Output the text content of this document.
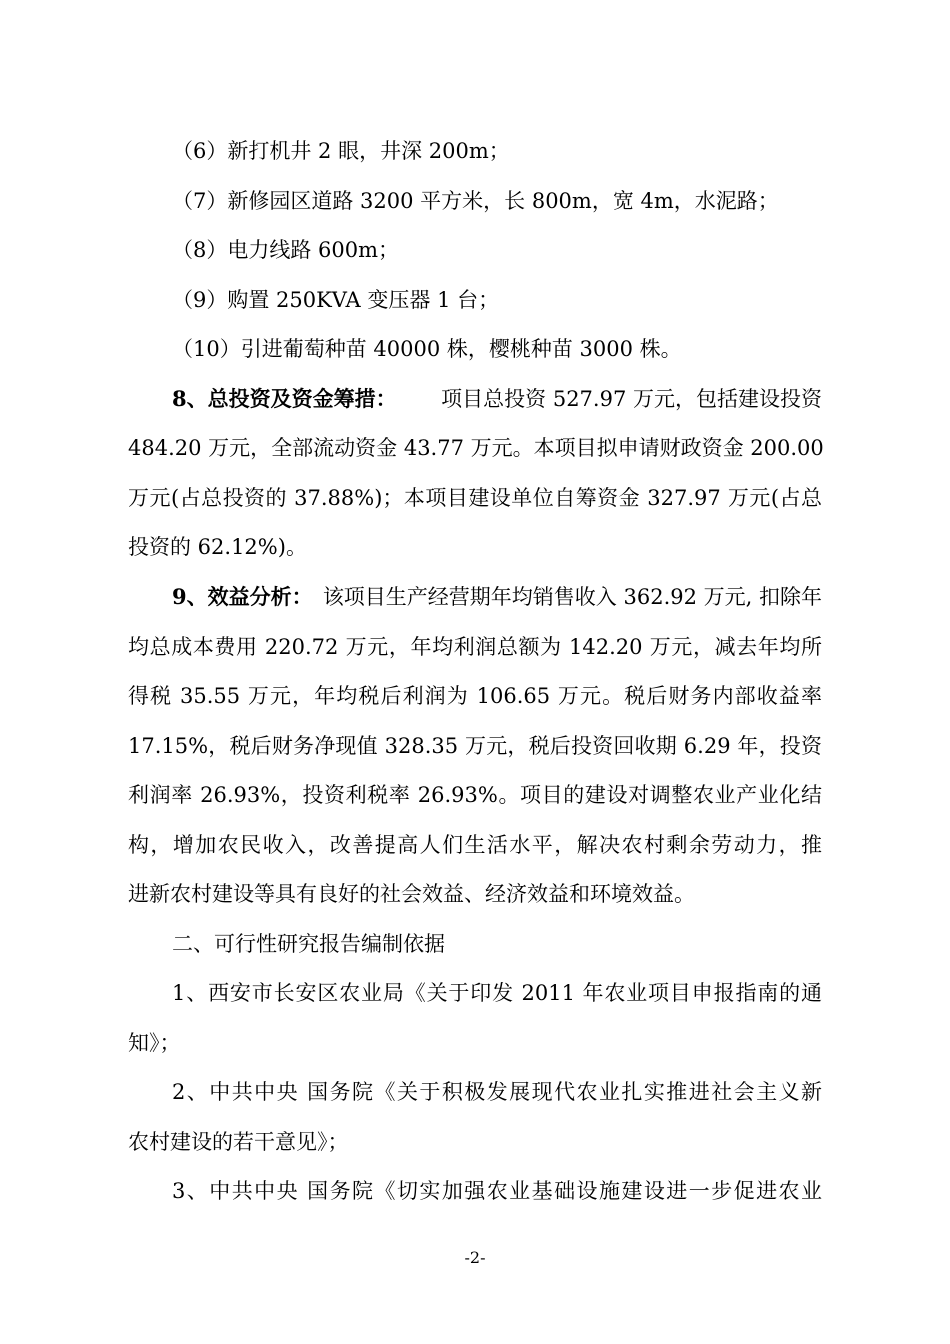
（6）新打机井 2 眼，井深 200m；
（7）新修园区道路 3200 平方米，长 800m，宽 4m，水泥路；
（8）电力线路 600m；
（9）购置 250KVA 变压器 1 台；
（10）引进葡萄种苗 40000 株，樱桃种苗 3000 株。
8、总投资及资金筹措： 项目总投资 527.97 万元，包括建设投资
484.20 万元，全部流动资金 43.77 万元。本项目拟申请财政资金 200.00
万元(占总投资的 37.88%)；本项目建设单位自筹资金 327.97 万元(占总
投资的 62.12%)。
9、效益分析： 该项目生产经营期年均销售收入 362.92 万元, 扣除年
均总成本费用 220.72 万元，年均利润总额为 142.20 万元，减去年均所
得税 35.55 万元，年均税后利润为 106.65 万元。税后财务内部收益率
17.15%，税后财务净现值 328.35 万元，税后投资回收期 6.29 年，投资
利润率 26.93%，投资利税率 26.93%。项目的建设对调整农业产业化结
构，增加农民收入，改善提高人们生活水平，解决农村剩余劳动力，推
进新农村建设等具有良好的社会效益、经济效益和环境效益。
二、可行性研究报告编制依据
1、西安市长安区农业局《关于印发 2011 年农业项目申报指南的通
知》；
2、中共中央 国务院《关于积极发展现代农业扎实推进社会主义新
农村建设的若干意见》；
3、中共中央 国务院《切实加强农业基础设施建设进一步促进农业
-2-
